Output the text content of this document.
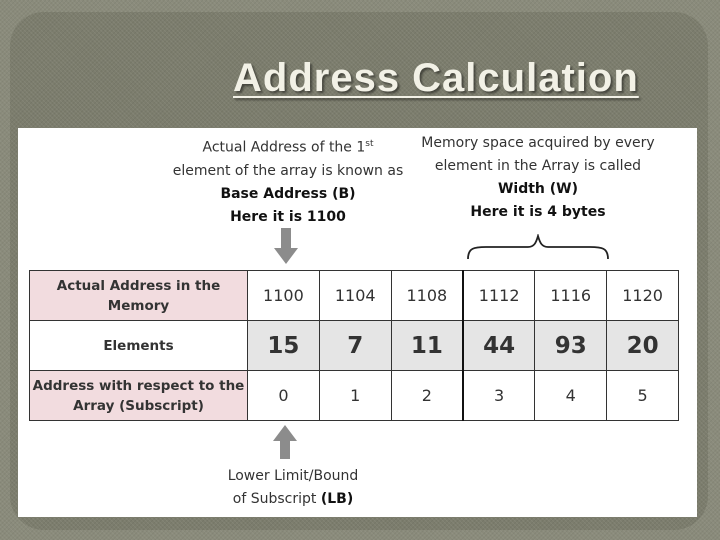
Address Calculation
Actual Address of the 1st
element of the array is known as
Base Address (B)
Here it is 1100
Memory space acquired by every
element in the Array is called
Width (W)
Here it is 4 bytes
Actual Address in the Memory	1100	1104	1108	1112	1116	1120
Elements	15	7	11	44	93	20
Address with respect to the Array (Subscript)	0	1	2	3	4	5
Lower Limit/Bound
of Subscript (LB)
